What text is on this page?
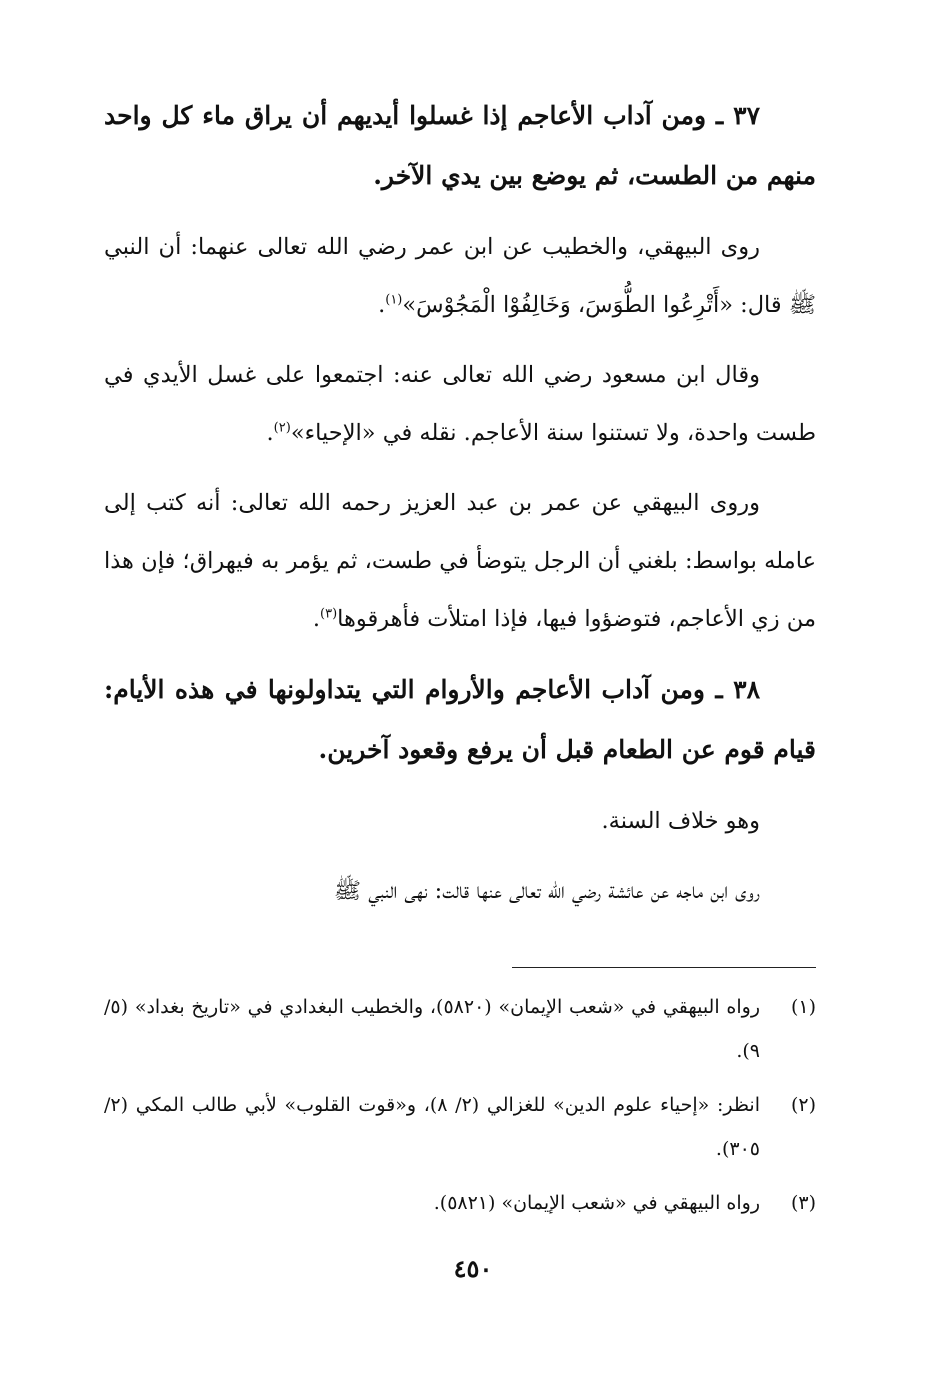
٣٧ ـ ومن آداب الأعاجم إذا غسلوا أيديهم أن يراق ماء كل واحد منهم من الطست، ثم يوضع بين يدي الآخر.

روى البيهقي، والخطيب عن ابن عمر رضي الله تعالى عنهما: أن النبي ﷺ قال: «أَتْرِعُوا الطُّوَسَ، وَخَالِفُوْا الْمَجُوْسَ»$^{(١)}$.

وقال ابن مسعود رضي الله تعالى عنه: اجتمعوا على غسل الأيدي في طست واحدة، ولا تستنوا سنة الأعاجم. نقله في «الإحياء»$^{(٢)}$.

وروى البيهقي عن عمر بن عبد العزيز رحمه الله تعالى: أنه كتب إلى عامله بواسط: بلغني أن الرجل يتوضأ في طست، ثم يؤمر به فيهراق؛ فإن هذا من زي الأعاجم، فتوضؤوا فيها، فإذا امتلأت فأهرقوها$^{(٣)}$.

٣٨ ـ ومن آداب الأعاجم والأروام التي يتداولونها في هذه الأيام: قيام قوم عن الطعام قبل أن يرفع وقعود آخرين.

وهو خلاف السنة.

روى ابن ماجه عن عائشة رضي الله تعالى عنها قالت: نهى النبي ﷺ

(١)
رواه البيهقي في «شعب الإيمان» (٥٨٢٠)، والخطيب البغدادي في «تاريخ بغداد» (٥/ ٩).
(٢)
انظر: «إحياء علوم الدين» للغزالي (٢/ ٨)، و«قوت القلوب» لأبي طالب المكي (٢/ ٣٠٥).
(٣)
رواه البيهقي في «شعب الإيمان» (٥٨٢١).
٤٥٠
